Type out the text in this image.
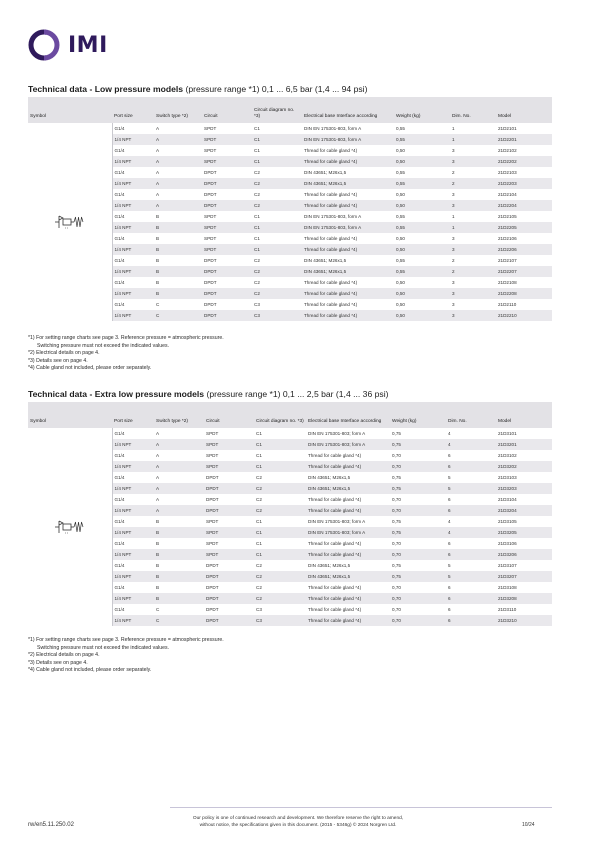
IMI
Technical data - Low pressure models (pressure range *1) 0,1 ... 6,5 bar (1,4 ... 94 psi)
Symbol	Port size	Switch type *2)	Circuit	Circuit diagram no. *3)	Electrical base Interface according	Weight (kg)	Dim. No.	Model

	G1/4	A	SPDT	C1	DIN EN 175301-803, form A	0,55	1	21D2101
	1/4 NPT	A	SPDT	C1	DIN EN 175301-803, form A	0,55	1	21D2201
	G1/4	A	SPDT	C1	Thread for cable gland *4)	0,50	3	21D2102
	1/4 NPT	A	SPDT	C1	Thread for cable gland *4)	0,50	3	21D2202
	G1/4	A	DPDT	C2	DIN 43651; M26x1,5	0,55	2	21D2103
	1/4 NPT	A	DPDT	C2	DIN 43651; M26x1,5	0,55	2	21D2203
	G1/4	A	DPDT	C2	Thread for cable gland *4)	0,50	3	21D2104
	1/4 NPT	A	DPDT	C2	Thread for cable gland *4)	0,50	3	21D2204
	G1/4	B	SPDT	C1	DIN EN 175301-803, form A	0,55	1	21D2105
	1/4 NPT	B	SPDT	C1	DIN EN 175301-803, form A	0,55	1	21D2205
	G1/4	B	SPDT	C1	Thread for cable gland *4)	0,50	3	21D2106
	1/4 NPT	B	SPDT	C1	Thread for cable gland *4)	0,50	3	21D2206
	G1/4	B	DPDT	C2	DIN 43651; M26x1,5	0,55	2	21D2107
	1/4 NPT	B	DPDT	C2	DIN 43651; M26x1,5	0,55	2	21D2207
	G1/4	B	DPDT	C2	Thread for cable gland *4)	0,50	3	21D2108
	1/4 NPT	B	DPDT	C2	Thread for cable gland *4)	0,50	3	21D2208
	G1/4	C	DPDT	C3	Thread for cable gland *4)	0,50	3	21D2110
	1/4 NPT	C	DPDT	C3	Thread for cable gland *4)	0,50	3	21D2210
*1) For setting range charts see page 3. Reference pressure = atmospheric pressure.
Switching pressure must not exceed the indicated values.
*2) Electrical details on page 4.
*3) Details see on page 4.
*4) Cable gland not included, please order separately.
Technical data - Extra low pressure models (pressure range *1) 0,1 ... 2,5 bar (1,4 ... 36 psi)
Symbol	Port size	Switch type *2)	Circuit	Circuit diagram no. *3)	Electrical base Interface according	Weight (kg)	Dim. No.	Model

	G1/4	A	SPDT	C1	DIN EN 175301-803; form A	0,75	4	21D3101
	1/4 NPT	A	SPDT	C1	DIN EN 175301-803; form A	0,75	4	21D3201
	G1/4	A	SPDT	C1	Thread for cable gland *4)	0,70	6	21D3102
	1/4 NPT	A	SPDT	C1	Thread for cable gland *4)	0,70	6	21D3202
	G1/4	A	DPDT	C2	DIN 43651; M26x1,5	0,75	5	21D3103
	1/4 NPT	A	DPDT	C2	DIN 43651; M26x1,5	0,75	5	21D3203
	G1/4	A	DPDT	C2	Thread for cable gland *4)	0,70	6	21D3104
	1/4 NPT	A	DPDT	C2	Thread for cable gland *4)	0,70	6	21D3204
	G1/4	B	SPDT	C1	DIN EN 175301-803; form A	0,75	4	21D3105
	1/4 NPT	B	SPDT	C1	DIN EN 175301-803; form A	0,75	4	21D3205
	G1/4	B	SPDT	C1	Thread for cable gland *4)	0,70	6	21D3106
	1/4 NPT	B	SPDT	C1	Thread for cable gland *4)	0,70	6	21D3206
	G1/4	B	DPDT	C2	DIN 43651; M26x1,5	0,75	5	21D3107
	1/4 NPT	B	DPDT	C2	DIN 43651; M26x1,5	0,75	5	21D3207
	G1/4	B	DPDT	C2	Thread for cable gland *4)	0,70	6	21D3108
	1/4 NPT	B	DPDT	C2	Thread for cable gland *4)	0,70	6	21D3208
	G1/4	C	DPDT	C3	Thread for cable gland *4)	0,70	6	21D3110
	1/4 NPT	C	DPDT	C3	Thread for cable gland *4)	0,70	6	21D3210
*1) For setting range charts see page 3. Reference pressure = atmospheric pressure.
Switching pressure must not exceed the indicated values.
*2) Electrical details on page 4.
*3) Details see on page 4.
*4) Cable gland not included, please order separately.
rw/en5.11.250.02
Our policy is one of continued research and development. We therefore reserve the right to amend,
without notice, the specifications given in this document. (2015 - 5346g) © 2024 Norgren Ltd.	10/24
